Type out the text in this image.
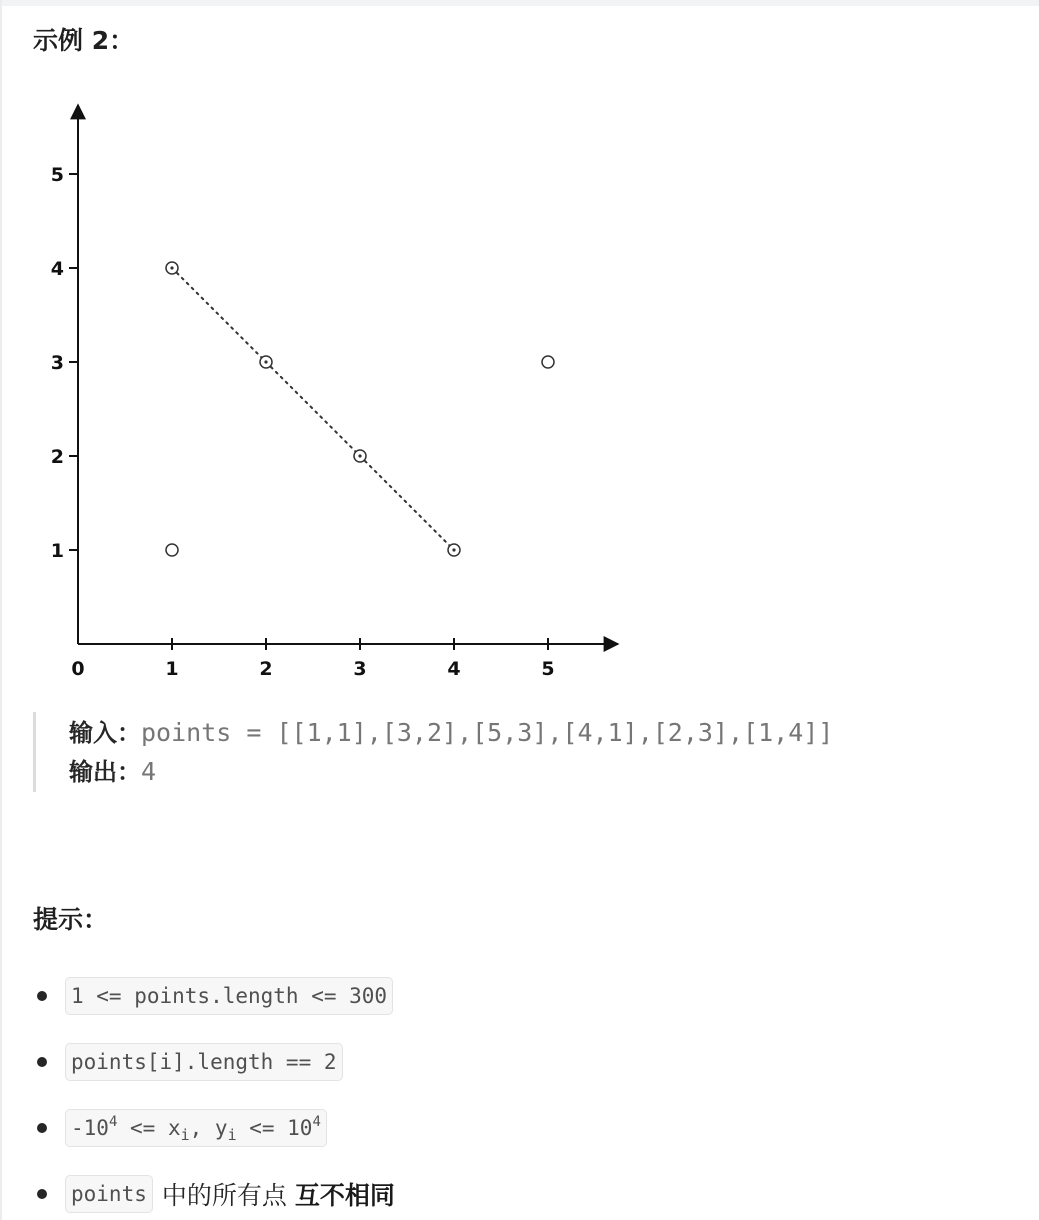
示例 2：
0	1	2	3	4	5
1
2
3
4
5
输入：points = [[1,1],[3,2],[5,3],[4,1],[2,3],[1,4]]
输出：4
提示：
1 <= points.length <= 300
points[i].length == 2
$-10^4 <= x_i$, $y_i <= 10^4$
points 中的所有点 互不相同
